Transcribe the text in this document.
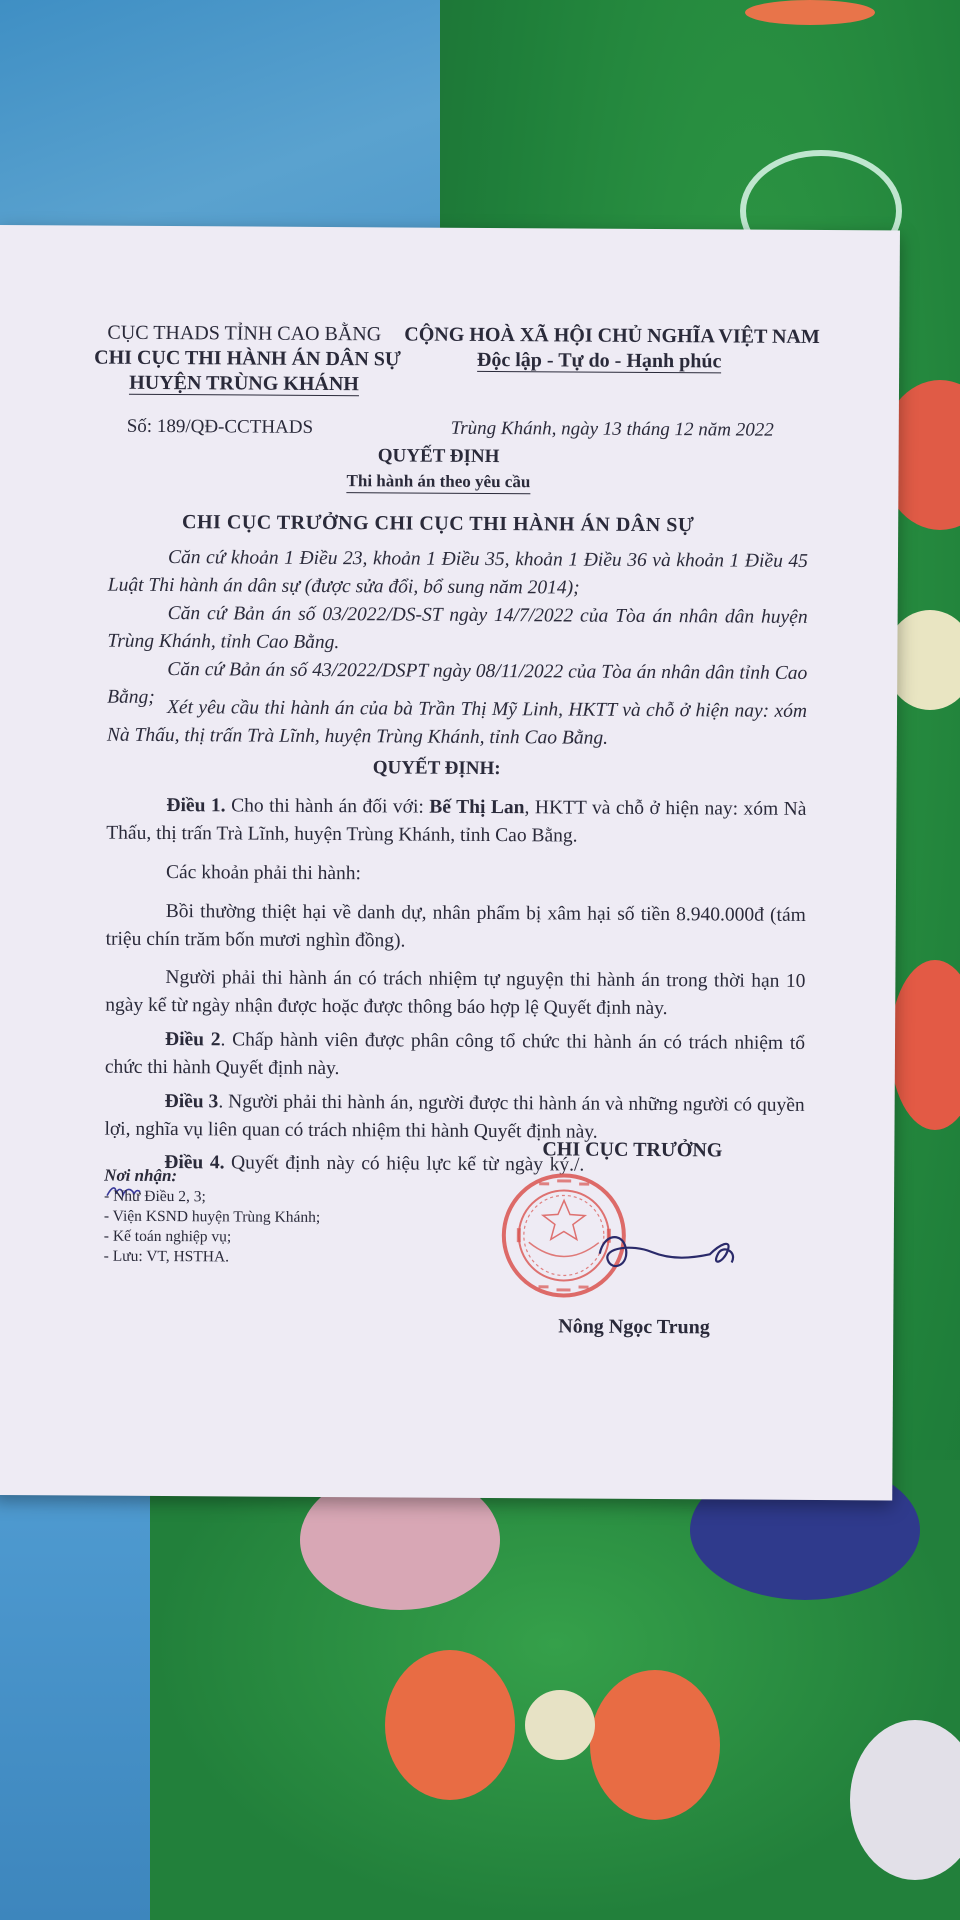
CỤC THADS TỈNH CAO BẰNG
CHI CỤC THI HÀNH ÁN DÂN SỰ
HUYỆN TRÙNG KHÁNH
CỘNG HOÀ XÃ HỘI CHỦ NGHĨA VIỆT NAM
Độc lập - Tự do - Hạnh phúc
Số: 189/QĐ-CCTHADS	Trùng Khánh, ngày 13 tháng 12 năm 2022
QUYẾT ĐỊNH
Thi hành án theo yêu cầu
CHI CỤC TRƯỞNG CHI CỤC THI HÀNH ÁN DÂN SỰ
Căn cứ khoản 1 Điều 23, khoản 1 Điều 35, khoản 1 Điều 36 và khoản 1 Điều 45 Luật Thi hành án dân sự (được sửa đổi, bổ sung năm 2014);
Căn cứ Bản án số 03/2022/DS-ST ngày 14/7/2022 của Tòa án nhân dân huyện Trùng Khánh, tỉnh Cao Bằng.
Căn cứ Bản án số 43/2022/DSPT ngày 08/11/2022 của Tòa án nhân dân tỉnh Cao Bằng; Xét yêu cầu thi hành án của bà Trần Thị Mỹ Linh, HKTT và chỗ ở hiện nay: xóm Nà Thấu, thị trấn Trà Lĩnh, huyện Trùng Khánh, tỉnh Cao Bằng.
QUYẾT ĐỊNH:
Điều 1. Cho thi hành án đối với: Bế Thị Lan, HKTT và chỗ ở hiện nay: xóm Nà Thấu, thị trấn Trà Lĩnh, huyện Trùng Khánh, tỉnh Cao Bằng.
Các khoản phải thi hành:
Bồi thường thiệt hại về danh dự, nhân phẩm bị xâm hại số tiền 8.940.000đ (tám triệu chín trăm bốn mươi nghìn đồng).
Người phải thi hành án có trách nhiệm tự nguyện thi hành án trong thời hạn 10 ngày kể từ ngày nhận được hoặc được thông báo hợp lệ Quyết định này.
Điều 2. Chấp hành viên được phân công tổ chức thi hành án có trách nhiệm tổ chức thi hành Quyết định này.
Điều 3. Người phải thi hành án, người được thi hành án và những người có quyền lợi, nghĩa vụ liên quan có trách nhiệm thi hành Quyết định này.
Điều 4. Quyết định này có hiệu lực kể từ ngày ký./.
CHI CỤC TRƯỞNG
Nơi nhận:
- Như Điều 2, 3;
- Viện KSND huyện Trùng Khánh;
- Kế toán nghiệp vụ;
- Lưu: VT, HSTHA.
Nông Ngọc Trung
